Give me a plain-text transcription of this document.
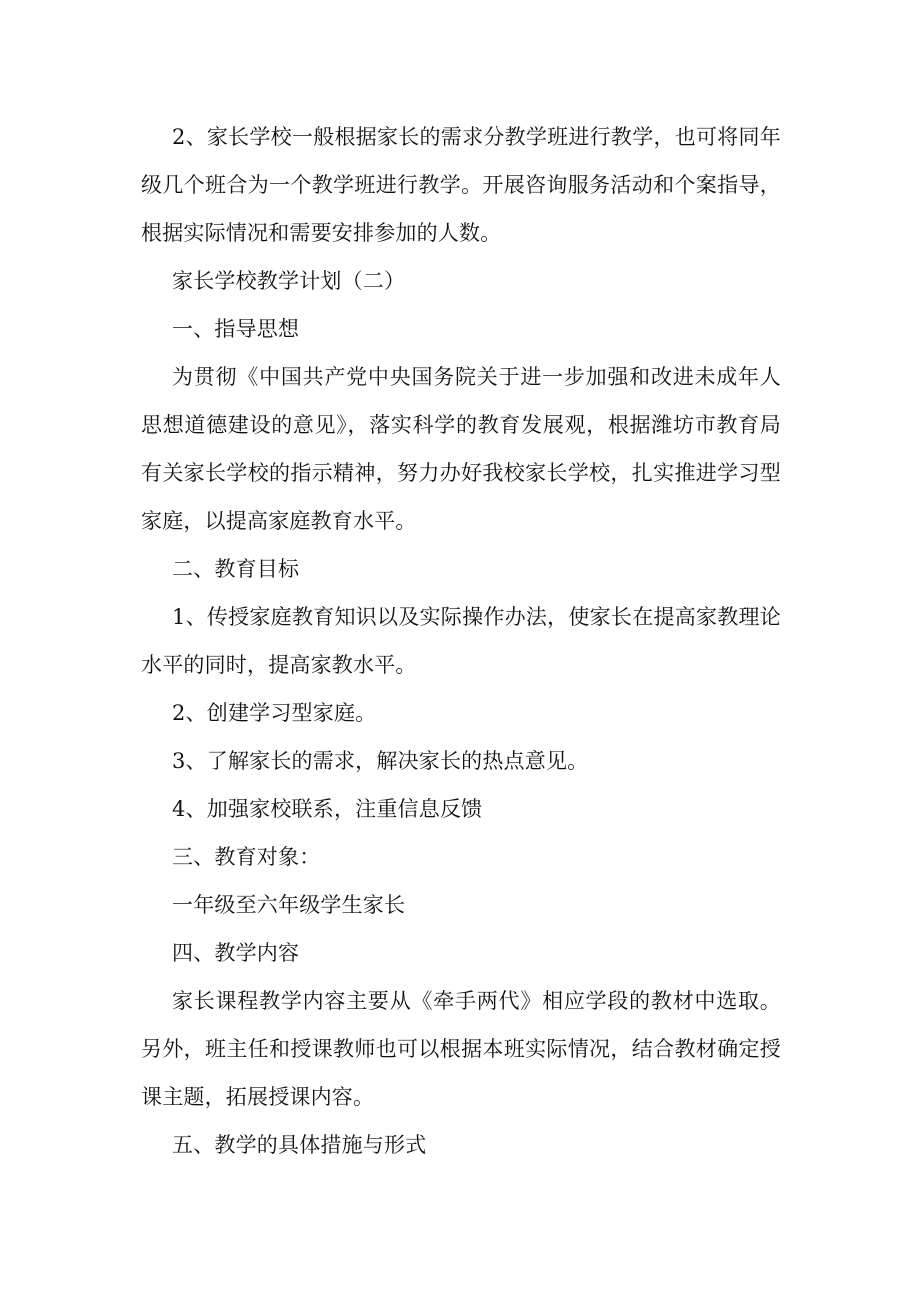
2、家长学校一般根据家长的需求分教学班进行教学，也可将同年级几个班合为一个教学班进行教学。开展咨询服务活动和个案指导，根据实际情况和需要安排参加的人数。

家长学校教学计划（二）

一、指导思想

为贯彻《中国共产党中央国务院关于进一步加强和改进未成年人思想道德建设的意见》，落实科学的教育发展观，根据潍坊市教育局有关家长学校的指示精神，努力办好我校家长学校，扎实推进学习型家庭，以提高家庭教育水平。

二、教育目标

1、传授家庭教育知识以及实际操作办法，使家长在提高家教理论水平的同时，提高家教水平。

2、创建学习型家庭。

3、了解家长的需求，解决家长的热点意见。

4、加强家校联系，注重信息反馈

三、教育对象：

一年级至六年级学生家长

四、教学内容

家长课程教学内容主要从《牵手两代》相应学段的教材中选取。另外，班主任和授课教师也可以根据本班实际情况，结合教材确定授课主题，拓展授课内容。

五、教学的具体措施与形式
